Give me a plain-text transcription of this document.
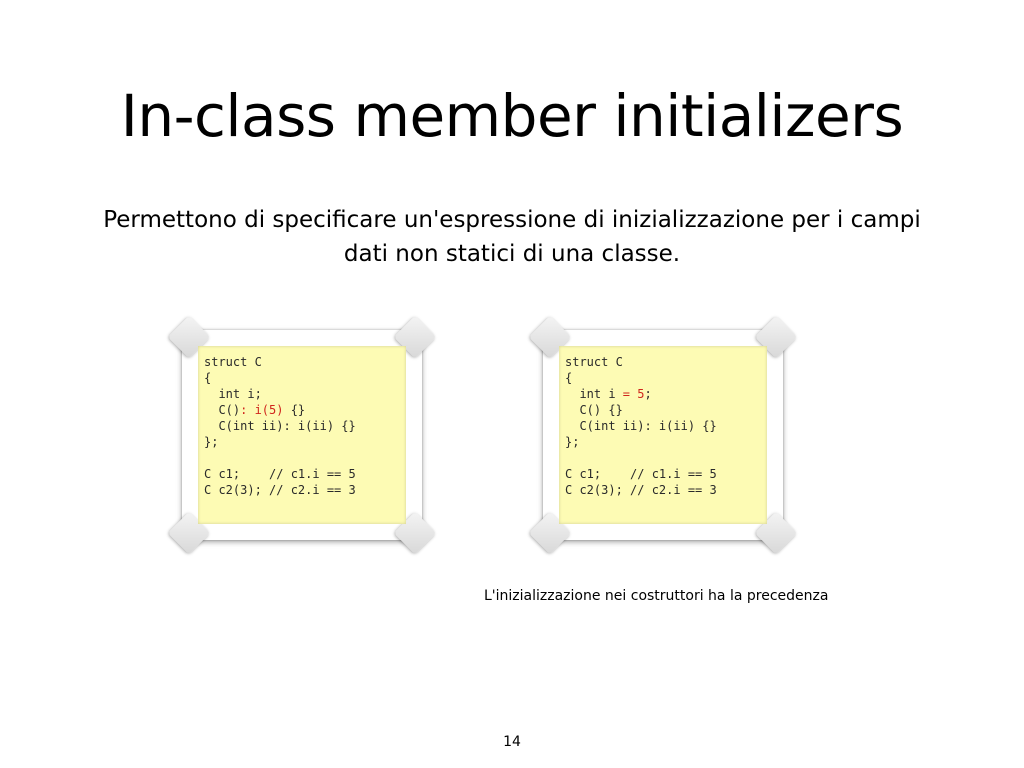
In-class member initializers

Permettono di specificare un'espressione di inizializzazione per i campi dati non statici di una classe.

struct C
{
int i;
C(): i(5) {}
C(int ii): i(ii) {}
};

C c1;    // c1.i == 5
C c2(3); // c2.i == 3
struct C
{
int i = 5;
C() {}
C(int ii): i(ii) {}
};

C c1;    // c1.i == 5
C c2(3); // c2.i == 3

L'inizializzazione nei costruttori ha la precedenza

14
